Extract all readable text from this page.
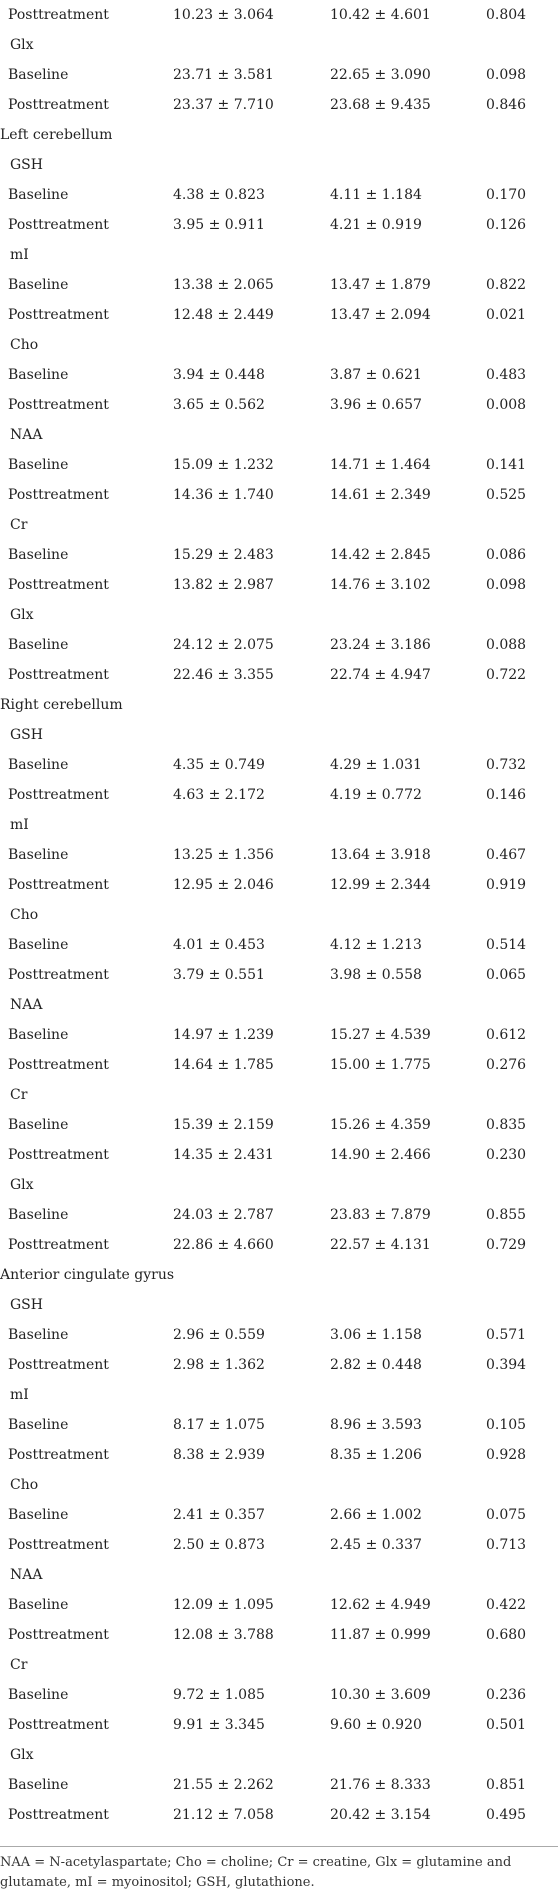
Posttreatment	10.23 ± 3.064	10.42 ± 4.601	0.804
Glx
Baseline	23.71 ± 3.581	22.65 ± 3.090	0.098
Posttreatment	23.37 ± 7.710	23.68 ± 9.435	0.846
Left cerebellum
GSH
Baseline	4.38 ± 0.823	4.11 ± 1.184	0.170
Posttreatment	3.95 ± 0.911	4.21 ± 0.919	0.126
mI
Baseline	13.38 ± 2.065	13.47 ± 1.879	0.822
Posttreatment	12.48 ± 2.449	13.47 ± 2.094	0.021
Cho
Baseline	3.94 ± 0.448	3.87 ± 0.621	0.483
Posttreatment	3.65 ± 0.562	3.96 ± 0.657	0.008
NAA
Baseline	15.09 ± 1.232	14.71 ± 1.464	0.141
Posttreatment	14.36 ± 1.740	14.61 ± 2.349	0.525
Cr
Baseline	15.29 ± 2.483	14.42 ± 2.845	0.086
Posttreatment	13.82 ± 2.987	14.76 ± 3.102	0.098
Glx
Baseline	24.12 ± 2.075	23.24 ± 3.186	0.088
Posttreatment	22.46 ± 3.355	22.74 ± 4.947	0.722
Right cerebellum
GSH
Baseline	4.35 ± 0.749	4.29 ± 1.031	0.732
Posttreatment	4.63 ± 2.172	4.19 ± 0.772	0.146
mI
Baseline	13.25 ± 1.356	13.64 ± 3.918	0.467
Posttreatment	12.95 ± 2.046	12.99 ± 2.344	0.919
Cho
Baseline	4.01 ± 0.453	4.12 ± 1.213	0.514
Posttreatment	3.79 ± 0.551	3.98 ± 0.558	0.065
NAA
Baseline	14.97 ± 1.239	15.27 ± 4.539	0.612
Posttreatment	14.64 ± 1.785	15.00 ± 1.775	0.276
Cr
Baseline	15.39 ± 2.159	15.26 ± 4.359	0.835
Posttreatment	14.35 ± 2.431	14.90 ± 2.466	0.230
Glx
Baseline	24.03 ± 2.787	23.83 ± 7.879	0.855
Posttreatment	22.86 ± 4.660	22.57 ± 4.131	0.729
Anterior cingulate gyrus
GSH
Baseline	2.96 ± 0.559	3.06 ± 1.158	0.571
Posttreatment	2.98 ± 1.362	2.82 ± 0.448	0.394
mI
Baseline	8.17 ± 1.075	8.96 ± 3.593	0.105
Posttreatment	8.38 ± 2.939	8.35 ± 1.206	0.928
Cho
Baseline	2.41 ± 0.357	2.66 ± 1.002	0.075
Posttreatment	2.50 ± 0.873	2.45 ± 0.337	0.713
NAA
Baseline	12.09 ± 1.095	12.62 ± 4.949	0.422
Posttreatment	12.08 ± 3.788	11.87 ± 0.999	0.680
Cr
Baseline	9.72 ± 1.085	10.30 ± 3.609	0.236
Posttreatment	9.91 ± 3.345	9.60 ± 0.920	0.501
Glx
Baseline	21.55 ± 2.262	21.76 ± 8.333	0.851
Posttreatment	21.12 ± 7.058	20.42 ± 3.154	0.495
NAA = N-acetylaspartate; Cho = choline; Cr = creatine, Glx = glutamine and glutamate, mI = myoinositol; GSH, glutathione.
